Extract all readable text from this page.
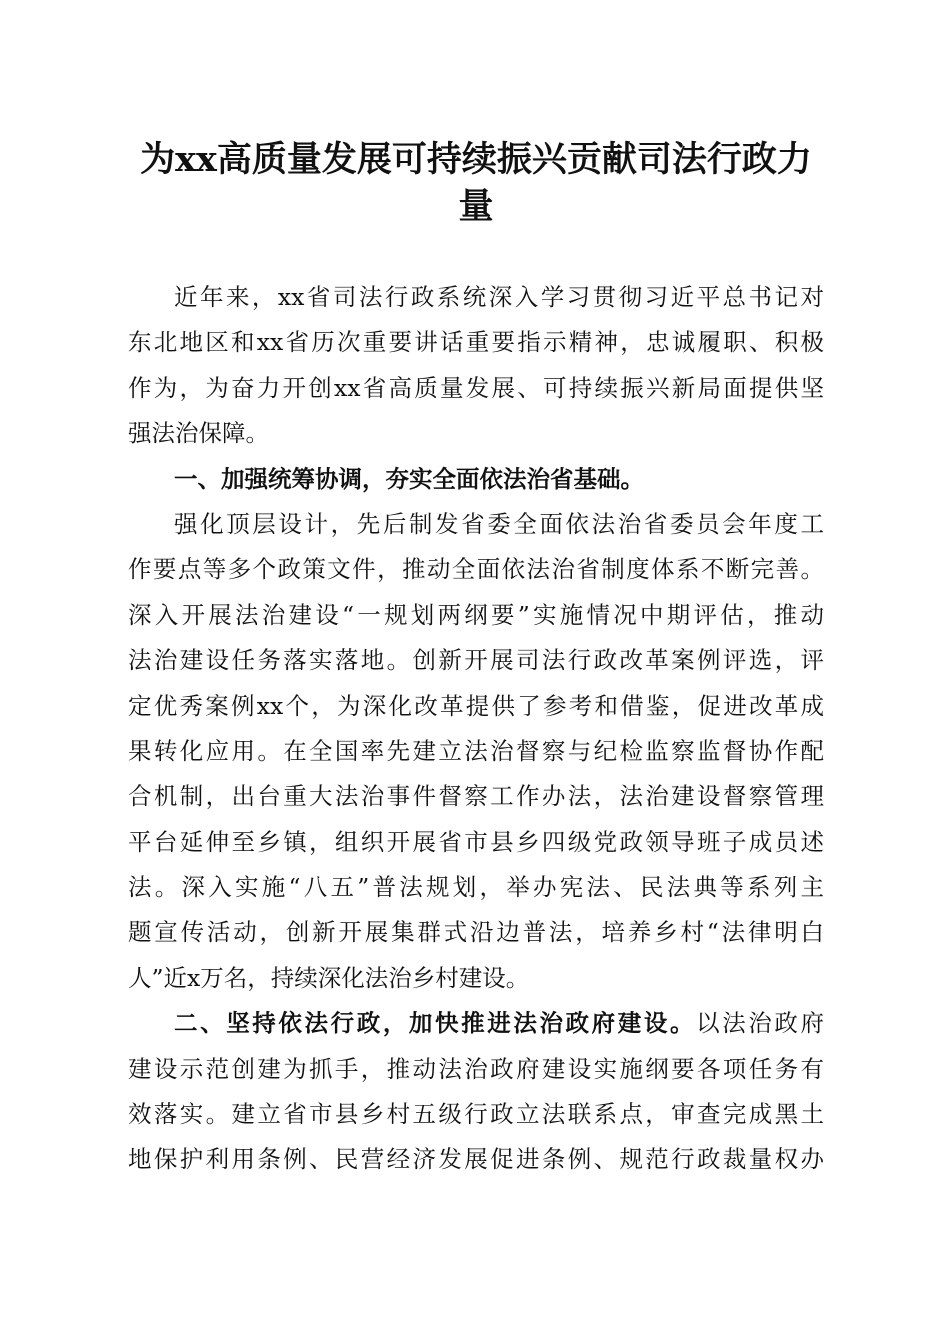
为xx高质量发展可持续振兴贡献司法行政力
量
近年来，xx省司法行政系统深入学习贯彻习近平总书记对
东北地区和xx省历次重要讲话重要指示精神，忠诚履职、积极
作为，为奋力开创xx省高质量发展、可持续振兴新局面提供坚
强法治保障。
一、加强统筹协调，夯实全面依法治省基础。
强化顶层设计，先后制发省委全面依法治省委员会年度工
作要点等多个政策文件，推动全面依法治省制度体系不断完善。
深入开展法治建设“一规划两纲要”实施情况中期评估，推动
法治建设任务落实落地。创新开展司法行政改革案例评选，评
定优秀案例xx个，为深化改革提供了参考和借鉴，促进改革成
果转化应用。在全国率先建立法治督察与纪检监察监督协作配
合机制，出台重大法治事件督察工作办法，法治建设督察管理
平台延伸至乡镇，组织开展省市县乡四级党政领导班子成员述
法。深入实施“八五”普法规划，举办宪法、民法典等系列主
题宣传活动，创新开展集群式沿边普法，培养乡村“法律明白
人”近x万名，持续深化法治乡村建设。
二、坚持依法行政，加快推进法治政府建设。以法治政府
建设示范创建为抓手，推动法治政府建设实施纲要各项任务有
效落实。建立省市县乡村五级行政立法联系点，审查完成黑土
地保护利用条例、民营经济发展促进条例、规范行政裁量权办
